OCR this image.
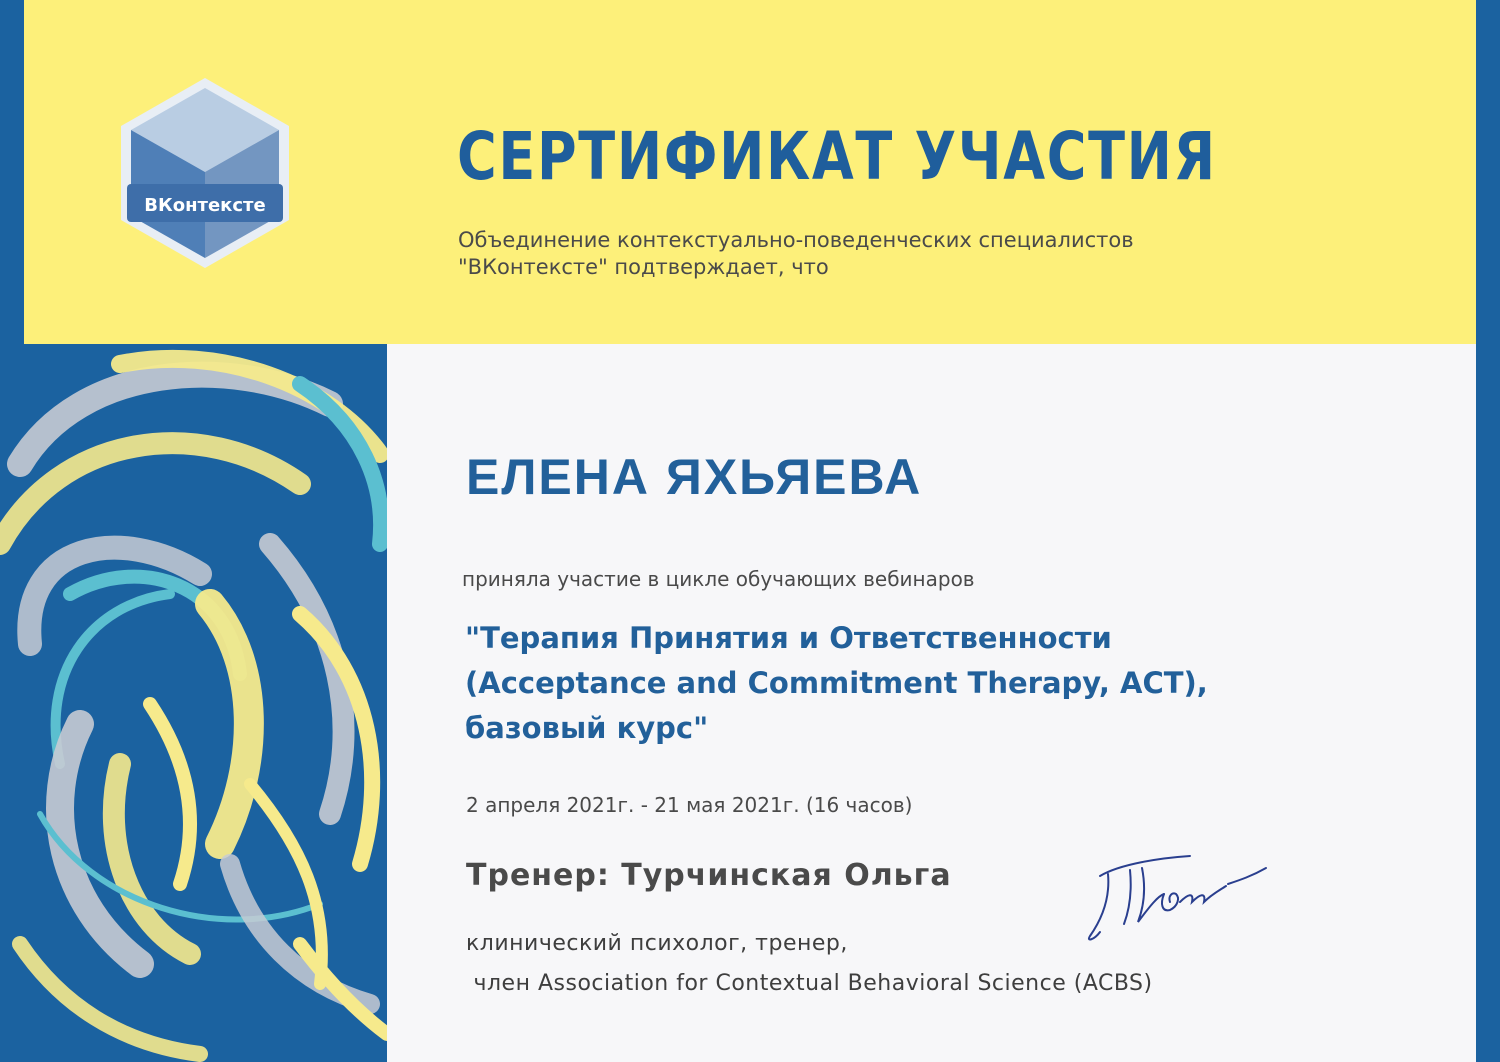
ВКонтексте
СЕРТИФИКАТ УЧАСТИЯ
Объединение контекстуально-поведенческих специалистов
"ВКонтексте" подтверждает, что
ЕЛЕНА ЯХЬЯЕВА
приняла участие в цикле обучающих вебинаров
"Терапия Принятия и Ответственности
(Acceptance and Commitment Therapy, ACT),
базовый курс"
2 апреля 2021г. - 21 мая 2021г. (16 часов)
Тренер: Турчинская Ольга
клинический психолог, тренер,
член Association for Contextual Behavioral Science (ACBS)
